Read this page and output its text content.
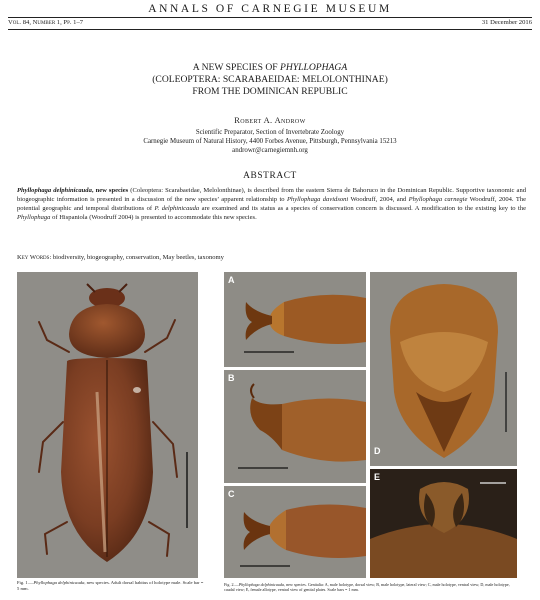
ANNALS OF CARNEGIE MUSEUM
Vol. 84, Number 1, Pp. 1–7	31 December 2016
A NEW SPECIES OF PHYLLOPHAGA
(COLEOPTERA: SCARABAEIDAE: MELOLONTHINAE)
FROM THE DOMINICAN REPUBLIC
Robert A. Androw
Scientific Preparator, Section of Invertebrate Zoology
Carnegie Museum of Natural History, 4400 Forbes Avenue, Pittsburgh, Pennsylvania 15213
androwr@carnegiemnh.org
ABSTRACT
Phyllophaga delphinicauda, new species (Coleoptera: Scarabaeidae, Melolonthinae), is described from the eastern Sierra de Bahoruco in the Dominican Republic. Supportive taxonomic and biogeographic information is presented in a discussion of the new species’ apparent relationship to Phyllophaga davidsoni Woodruff, 2004, and Phyllophaga carnegie Woodruff, 2004. The potential geographic and temporal distributions of P. delphinicauda are examined and its status as a species of conservation concern is discussed. A modification to the existing key to the Phyllophaga of Hispaniola (Woodruff 2004) is presented to accommodate this new species.
Key Words: biodiversity, biogeography, conservation, May beetles, taxonomy
A
B
C
D
E
Fig. 1.—Phyllophaga delphinicauda, new species. Adult dorsal habitus of holotype male. Scale bar = 5 mm.
Fig. 2.—Phyllophaga delphinicauda, new species. Genitalia: A, male holotype, dorsal view; B, male holotype, lateral view; C, male holotype, ventral view; D, male holotype, caudal view; E, female allotype, ventral view of genital plates. Scale bars = 1 mm.
